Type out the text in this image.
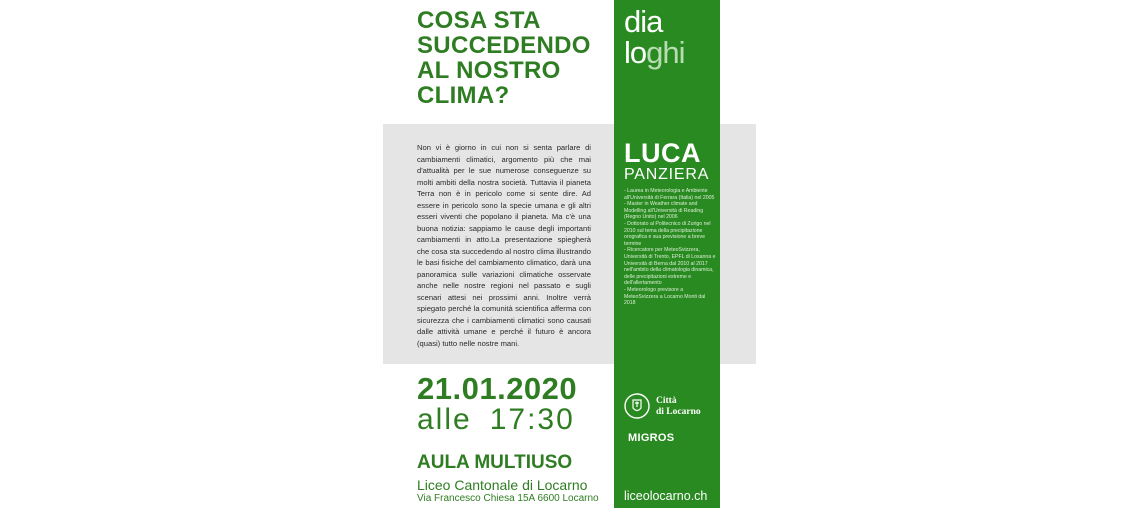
COSA STA
SUCCEDENDO
AL NOSTRO
CLIMA?
dia
loghi

Non vi è giorno in cui non si senta parlare di cambiamenti climatici, argomento più che mai d'attualità per le sue numerose conseguenze su molti ambiti della nostra società. Tuttavia il pianeta Terra non è in pericolo come si sente dire. Ad essere in pericolo sono la specie umana e gli altri esseri viventi che popolano il pianeta. Ma c'è una buona notizia: sappiamo le cause degli importanti cambiamenti in atto.La presentazione spiegherà che cosa sta succedendo al nostro clima illustrando le basi fisiche del cambiamento climatico, darà una panoramica sulle variazioni climatiche osservate anche nelle nostre regioni nel passato e sugli scenari attesi nei prossimi anni. Inoltre verrà spiegato perché la comunità scientifica afferma con sicurezza che i cambiamenti climatici sono causati dalle attività umane e perché il futuro è ancora (quasi) tutto nelle nostre mani.

LUCA
PANZIERA
- Laurea in Meteorologia e Ambiente all'Università di Ferrara (Italia) nel 2005
- Master in Weather climate and Modelling all'Università di Reading (Regno Unito) nel 2006
- Dottorato al Politecnico di Zurigo nel 2010 sul tema della precipitazione orografica e sua previsione a breve termine
- Ricercatore per MeteoSvizzera, Università di Trento, EPFL di Losanna e Università di Berna dal 2010 al 2017 nell'ambito della climatologia dinamica, delle precipitazioni estreme e dell'allertamento
- Meteorologo previsore a MeteoSvizzera a Locarno Monti dal 2018
21.01.2020
alle 17:30
AULA MULTIUSO
Liceo Cantonale di Locarno
Via Francesco Chiesa 15A 6600 Locarno
Città
di Locarno
MIGROS
liceolocarno.ch
